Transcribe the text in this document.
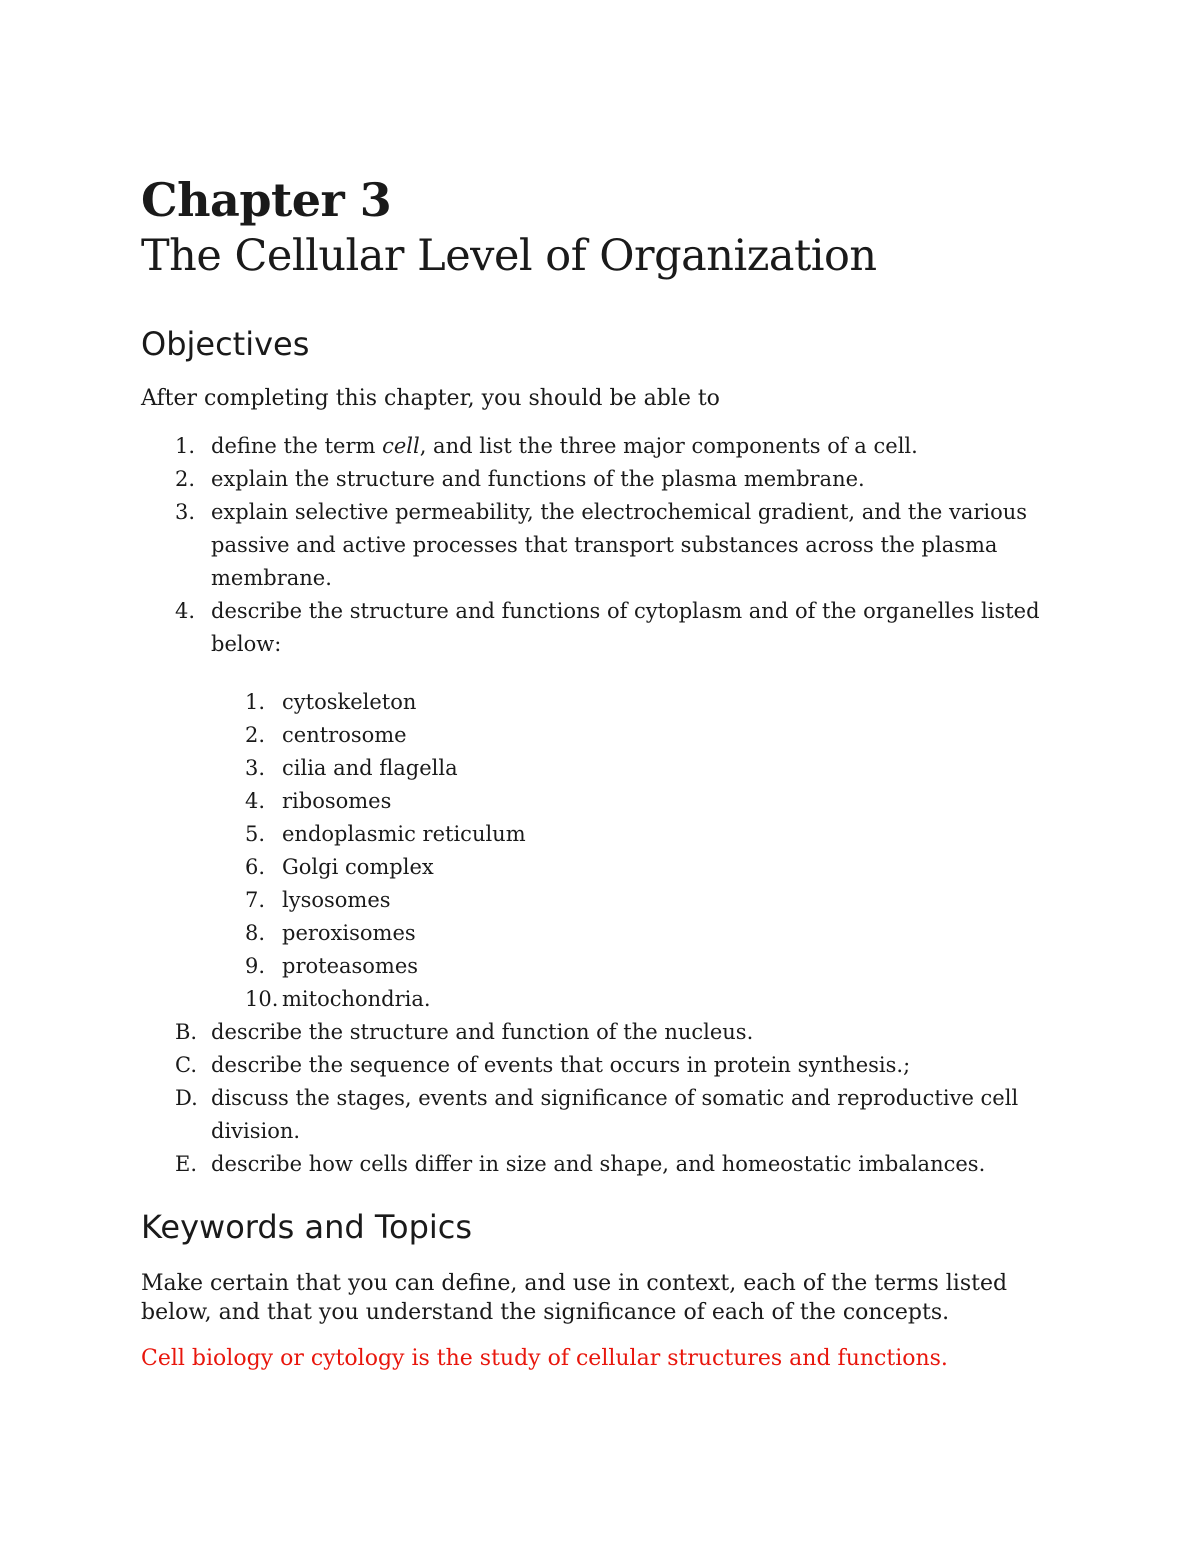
Chapter 3
The Cellular Level of Organization
Objectives

After completing this chapter, you should be able to

1. define the term cell, and list the three major components of a cell.
2. explain the structure and functions of the plasma membrane.
3. explain selective permeability, the electrochemical gradient, and the various passive and active processes that transport substances across the plasma membrane.
4. describe the structure and functions of cytoplasm and of the organelles listed below:
1. cytoskeleton
2. centrosome
3. cilia and flagella
4. ribosomes
5. endoplasmic reticulum
6. Golgi complex
7. lysosomes
8. peroxisomes
9. proteasomes
10. mitochondria.
B. describe the structure and function of the nucleus.
C. describe the sequence of events that occurs in protein synthesis.;
D. discuss the stages, events and significance of somatic and reproductive cell division.
E. describe how cells differ in size and shape, and homeostatic imbalances.
Keywords and Topics

Make certain that you can define, and use in context, each of the terms listed below, and that you understand the significance of each of the concepts.

Cell biology or cytology is the study of cellular structures and functions.
